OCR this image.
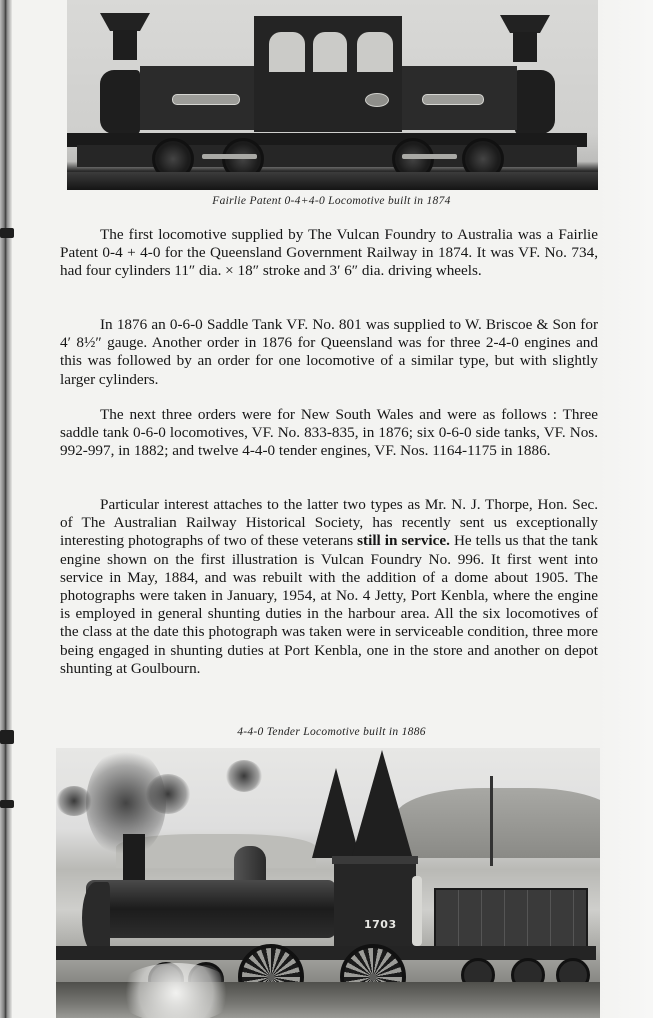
Fairlie Patent 0-4+4-0 Locomotive built in 1874

The first locomotive supplied by The Vulcan Foundry to Australia was a Fairlie Patent 0-4 + 4-0 for the Queensland Government Railway in 1874. It was VF. No. 734, had four cylinders 11″ dia. × 18″ stroke and 3′ 6″ dia. driving wheels.

In 1876 an 0-6-0 Saddle Tank VF. No. 801 was supplied to W. Briscoe & Son for 4′ 8½″ gauge. Another order in 1876 for Queensland was for three 2-4-0 engines and this was followed by an order for one locomotive of a similar type, but with slightly larger cylinders.

The next three orders were for New South Wales and were as follows : Three saddle tank 0-6-0 locomotives, VF. No. 833-835, in 1876; six 0-6-0 side tanks, VF. Nos. 992-997, in 1882; and twelve 4-4-0 tender engines, VF. Nos. 1164-1175 in 1886.

Particular interest attaches to the latter two types as Mr. N. J. Thorpe, Hon. Sec. of The Australian Railway Historical Society, has recently sent us exceptionally interesting photographs of two of these veterans still in service. He tells us that the tank engine shown on the first illustration is Vulcan Foundry No. 996. It first went into service in May, 1884, and was rebuilt with the addition of a dome about 1905. The photographs were taken in January, 1954, at No. 4 Jetty, Port Kenbla, where the engine is employed in general shunting duties in the harbour area. All the six locomotives of the class at the date this photograph was taken were in serviceable condition, three more being engaged in shunting duties at Port Kenbla, one in the store and another on depot shunting at Goulbourn.

4-4-0 Tender Locomotive built in 1886
1703
